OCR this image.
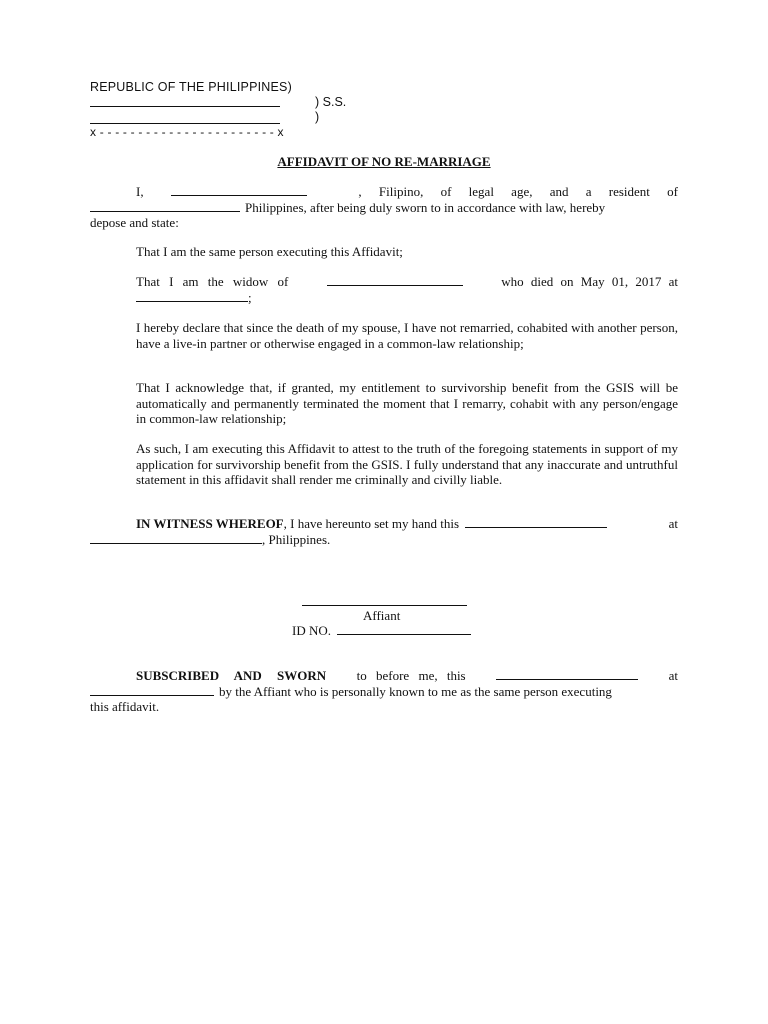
REPUBLIC OF THE PHILIPPINES)
) S.S.
)
x - - - - - - - - - - - - - - - - - - - - - - - x
AFFIDAVIT OF NO RE-MARRIAGE
I,	, Filipino, of legal age, and a resident of
Philippines, after being duly sworn to in accordance with law, hereby
depose and state:
That I am the same person executing this Affidavit;
That I am the widow of	who died on May 01, 2017 at
;
I hereby declare that since the death of my spouse, I have not remarried, cohabited with another person, have a live-in partner or otherwise engaged in a common-law relationship;
That I acknowledge that, if granted, my entitlement to survivorship benefit from the GSIS will be automatically and permanently terminated the moment that I remarry, cohabit with any person/engage in common-law relationship;
As such, I am executing this Affidavit to attest to the truth of the foregoing statements in support of my application for survivorship benefit from the GSIS. I fully understand that any inaccurate and untruthful statement in this affidavit shall render me criminally and civilly liable.
IN WITNESS WHEREOF, I have hereunto set my hand this	at
, Philippines.
Affiant
ID NO.
SUBSCRIBED AND SWORN to before me, this	at
by the Affiant who is personally known to me as the same person executing
this affidavit.
